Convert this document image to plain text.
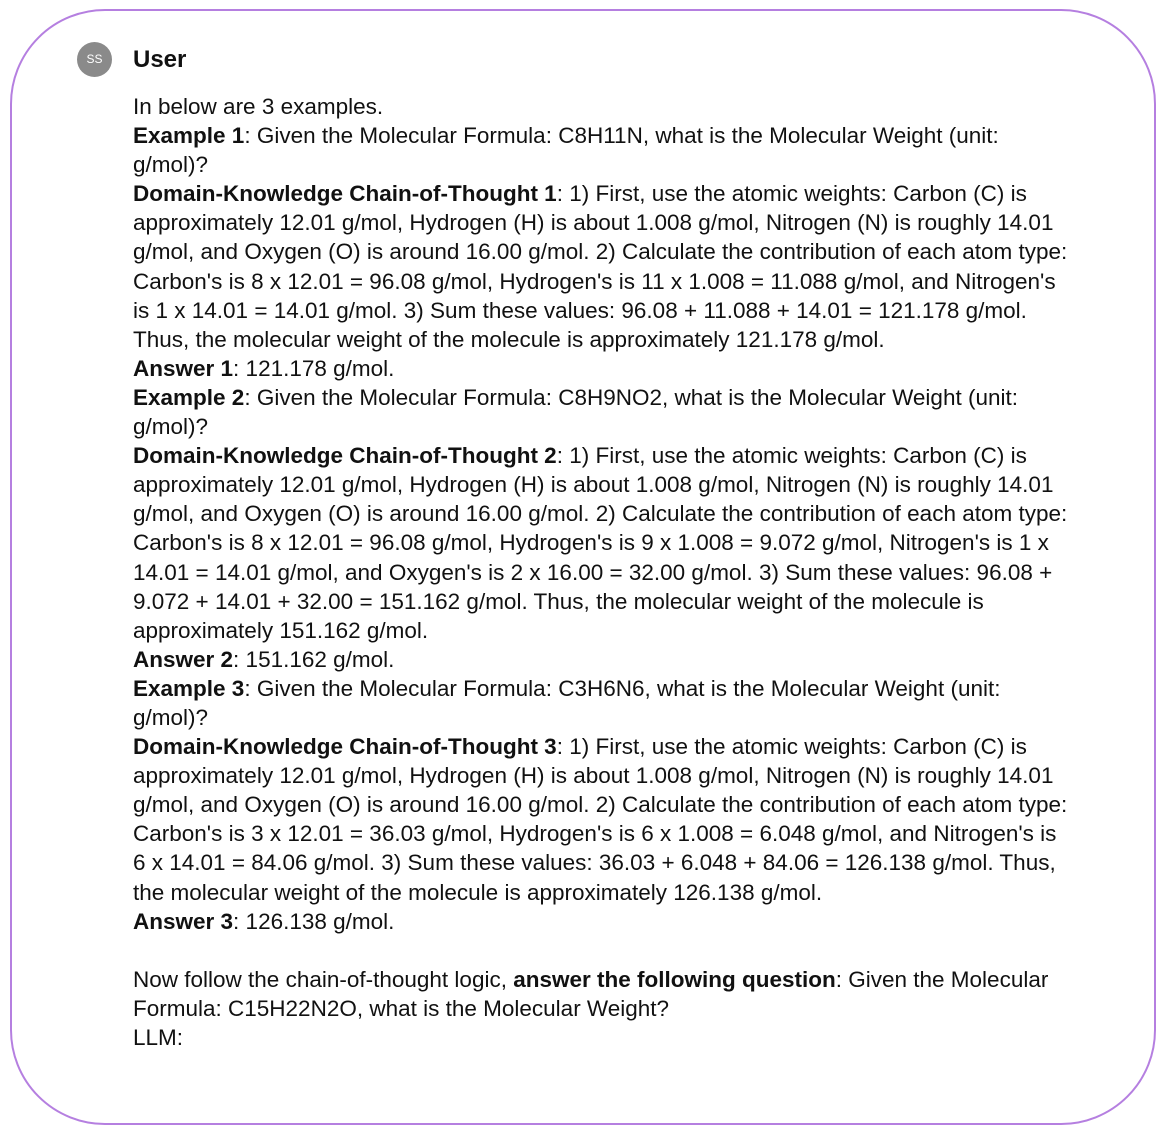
SS	User

In below are 3 examples.

Example 1: Given the Molecular Formula: C8H11N, what is the Molecular Weight (unit: g/mol)?

Domain-Knowledge Chain-of-Thought 1: 1) First, use the atomic weights: Carbon (C) is approximately 12.01 g/mol, Hydrogen (H) is about 1.008 g/mol, Nitrogen (N) is roughly 14.01 g/mol, and Oxygen (O) is around 16.00 g/mol. 2) Calculate the contribution of each atom type: Carbon's is 8 x 12.01 = 96.08 g/mol, Hydrogen's is 11 x 1.008 = 11.088 g/mol, and Nitrogen's is 1 x 14.01 = 14.01 g/mol. 3) Sum these values: 96.08 + 11.088 + 14.01 = 121.178 g/mol. Thus, the molecular weight of the molecule is approximately 121.178 g/mol.

Answer 1: 121.178 g/mol.

Example 2: Given the Molecular Formula: C8H9NO2, what is the Molecular Weight (unit: g/mol)?

Domain-Knowledge Chain-of-Thought 2: 1) First, use the atomic weights: Carbon (C) is approximately 12.01 g/mol, Hydrogen (H) is about 1.008 g/mol, Nitrogen (N) is roughly 14.01 g/mol, and Oxygen (O) is around 16.00 g/mol. 2) Calculate the contribution of each atom type: Carbon's is 8 x 12.01 = 96.08 g/mol, Hydrogen's is 9 x 1.008 = 9.072 g/mol, Nitrogen's is 1 x 14.01 = 14.01 g/mol, and Oxygen's is 2 x 16.00 = 32.00 g/mol. 3) Sum these values: 96.08 + 9.072 + 14.01 + 32.00 = 151.162 g/mol. Thus, the molecular weight of the molecule is approximately 151.162 g/mol.

Answer 2: 151.162 g/mol.

Example 3: Given the Molecular Formula: C3H6N6, what is the Molecular Weight (unit: g/mol)?

Domain-Knowledge Chain-of-Thought 3: 1) First, use the atomic weights: Carbon (C) is approximately 12.01 g/mol, Hydrogen (H) is about 1.008 g/mol, Nitrogen (N) is roughly 14.01 g/mol, and Oxygen (O) is around 16.00 g/mol. 2) Calculate the contribution of each atom type: Carbon's is 3 x 12.01 = 36.03 g/mol, Hydrogen's is 6 x 1.008 = 6.048 g/mol, and Nitrogen's is 6 x 14.01 = 84.06 g/mol. 3) Sum these values: 36.03 + 6.048 + 84.06 = 126.138 g/mol. Thus, the molecular weight of the molecule is approximately 126.138 g/mol.

Answer 3: 126.138 g/mol.

Now follow the chain-of-thought logic, answer the following question: Given the Molecular Formula: C15H22N2O, what is the Molecular Weight?

LLM:
